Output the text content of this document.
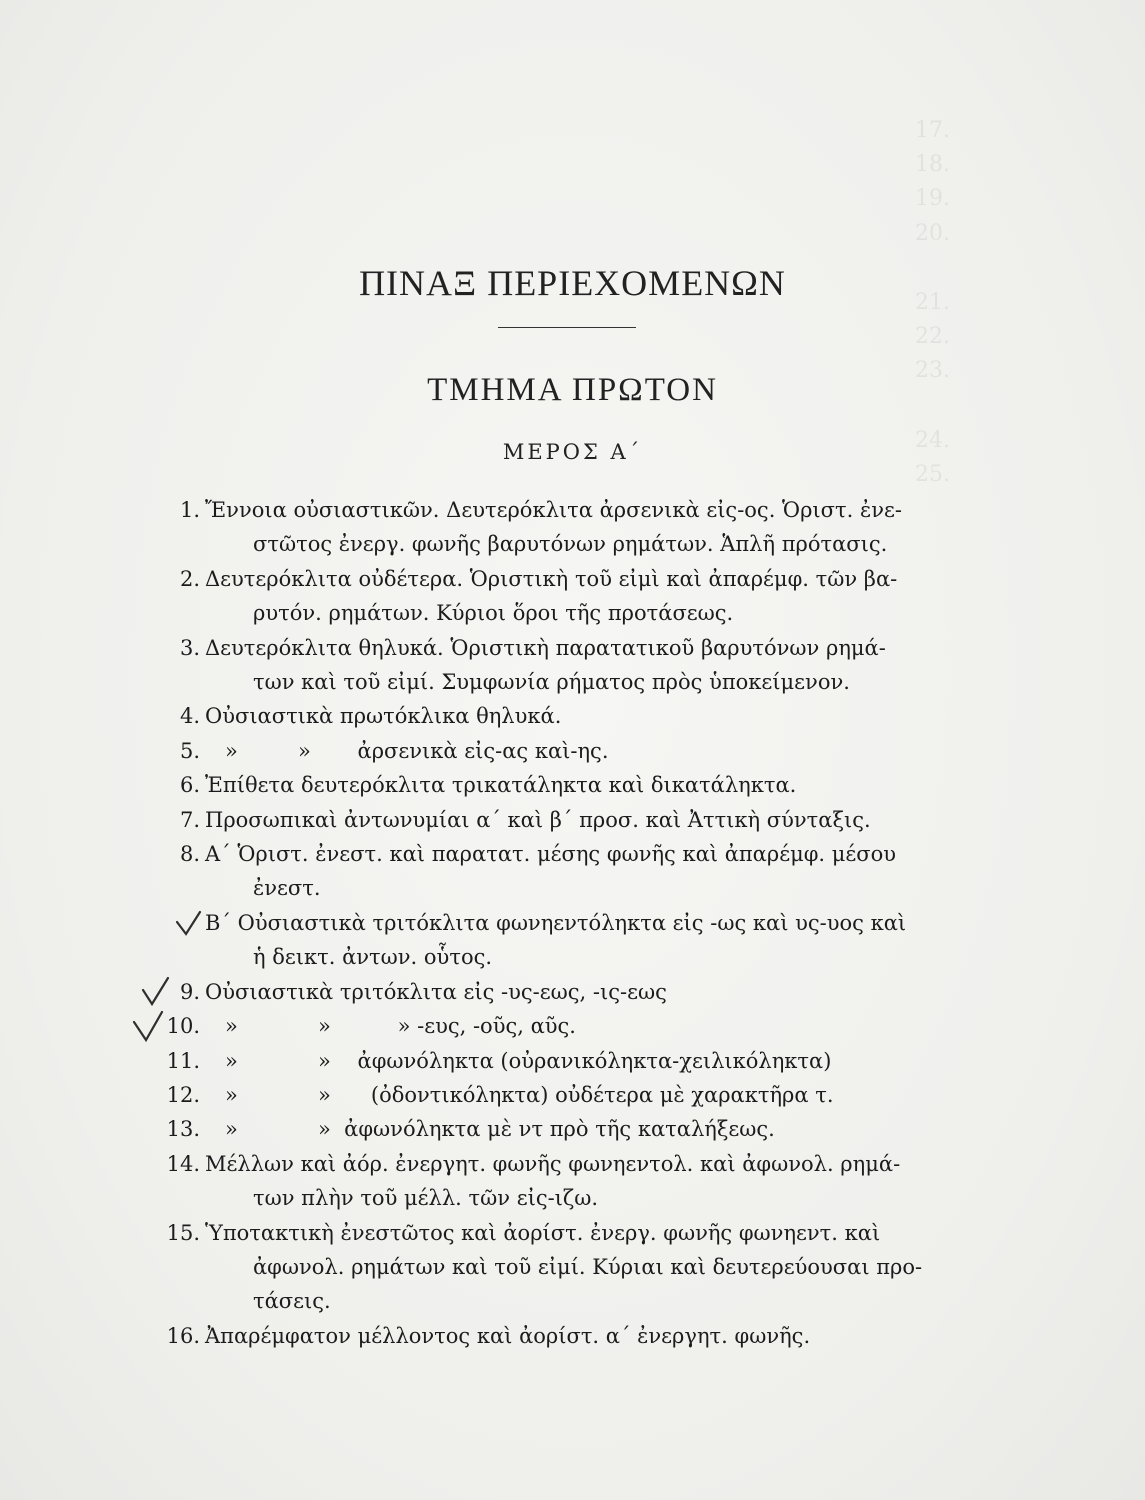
17.
18.
19.
20.
21.
22.
23.
24.
25.
ΠΙΝΑΞ ΠΕΡΙΕΧΟΜΕΝΩΝ
ΤΜΗΜΑ ΠΡΩΤΟΝ
ΜΕΡΟΣ Α΄
1. Ἔννοια οὐσιαστικῶν. Δευτερόκλιτα ἀρσενικὰ εἰς-ος. Ὁριστ. ἐνε-
στῶτος ἐνεργ. φωνῆς βαρυτόνων ρημάτων. Ἁπλῆ πρότασις.
2. Δευτερόκλιτα οὐδέτερα. Ὁριστικὴ τοῦ εἰμὶ καὶ ἀπαρέμφ. τῶν βα-
ρυτόν. ρημάτων. Κύριοι ὅροι τῆς προτάσεως.
3. Δευτερόκλιτα θηλυκά. Ὁριστικὴ παρατατικοῦ βαρυτόνων ρημά-
των καὶ τοῦ εἰμί. Συμφωνία ρήματος πρὸς ὑποκείμενον.
4. Οὐσιαστικὰ πρωτόκλικα θηλυκά.
5. »         »       ἀρσενικὰ εἰς-ας καὶ-ης.
6. Ἐπίθετα δευτερόκλιτα τρικατάληκτα καὶ δικατάληκτα.
7. Προσωπικαὶ ἀντωνυμίαι α΄ καὶ β΄ προσ. καὶ Ἀττικὴ σύνταξις.
8. Α΄ Ὁριστ. ἐνεστ. καὶ παρατατ. μέσης φωνῆς καὶ ἀπαρέμφ. μέσου
ἐνεστ.
Β΄ Οὐσιαστικὰ τριτόκλιτα φωνηεντόληκτα εἰς -ως καὶ υς-υος καὶ
ἡ δεικτ. ἀντων. οὗτος.
9. Οὐσιαστικὰ τριτόκλιτα εἰς -υς-εως, -ις-εως
10. »            »          » -ευς, -οῦς, αῦς.
11. »            »    ἀφωνόληκτα (οὐρανικόληκτα-χειλικόληκτα)
12. »            »      (ὀδοντικόληκτα) οὐδέτερα μὲ χαρακτῆρα τ.
13. »            »  ἀφωνόληκτα μὲ ντ πρὸ τῆς καταλήξεως.
14. Μέλλων καὶ ἀόρ. ἐνεργητ. φωνῆς φωνηεντολ. καὶ ἀφωνολ. ρημά-
των πλὴν τοῦ μέλλ. τῶν εἰς-ιζω.
15. Ὑποτακτικὴ ἐνεστῶτος καὶ ἀορίστ. ἐνεργ. φωνῆς φωνηεντ. καὶ
ἀφωνολ. ρημάτων καὶ τοῦ εἰμί. Κύριαι καὶ δευτερεύουσαι προ-
τάσεις.
16. Ἀπαρέμφατον μέλλοντος καὶ ἀορίστ. α΄ ἐνεργητ. φωνῆς.
